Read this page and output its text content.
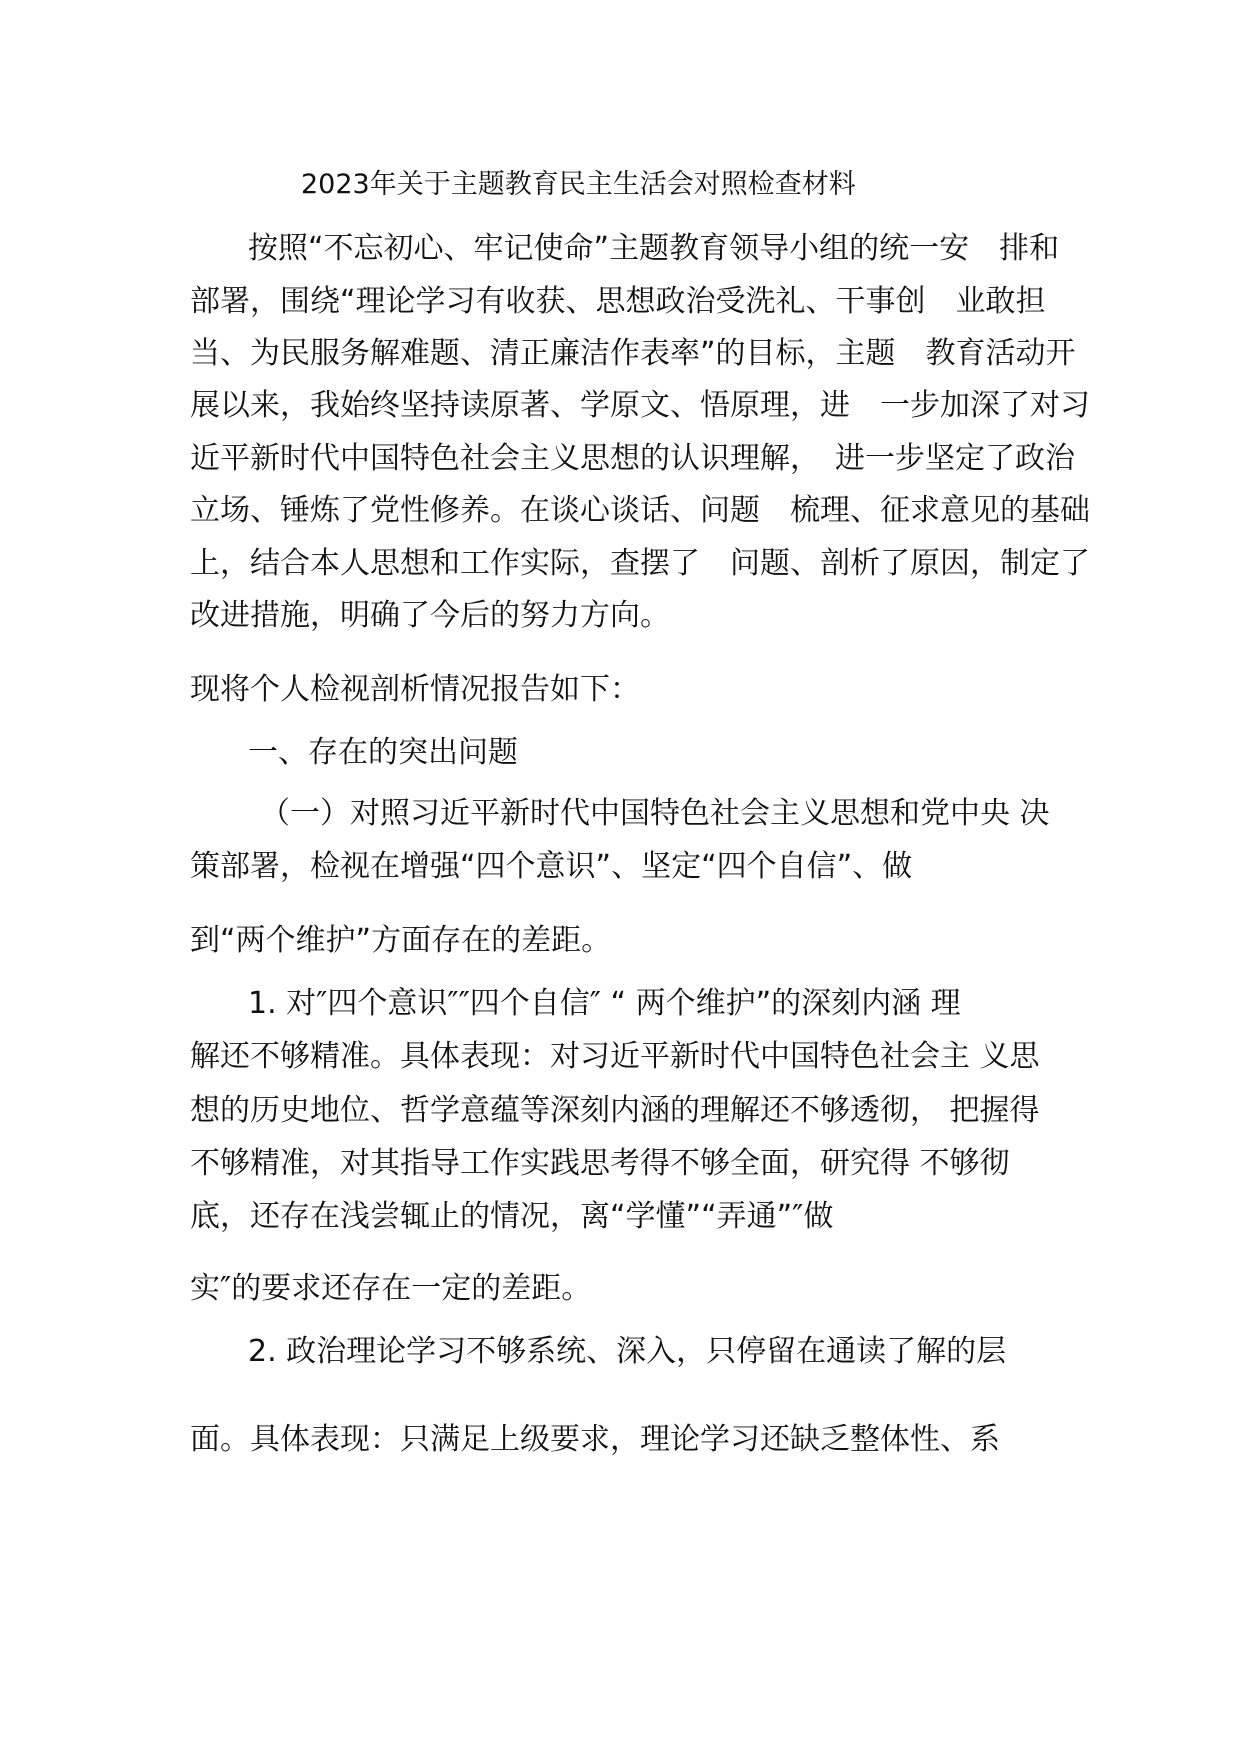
2023年关于主题教育民主生活会对照检查材料
按照“不忘初心、牢记使命”主题教育领导小组的统一安　排和
部署，围绕“理论学习有收获、思想政治受洗礼、干事创　业敢担
当、为民服务解难题、清正廉洁作表率”的目标，主题　教育活动开
展以来，我始终坚持读原著、学原文、悟原理，进　一步加深了对习
近平新时代中国特色社会主义思想的认识理解，　进一步坚定了政治
立场、锤炼了党性修养。在谈心谈话、问题　梳理、征求意见的基础
上，结合本人思想和工作实际，查摆了　问题、剖析了原因，制定了
改进措施，明确了今后的努力方向。
现将个人检视剖析情况报告如下：
一、存在的突出问题
（一）对照习近平新时代中国特色社会主义思想和党中央 决
策部署，检视在增强“四个意识”、坚定“四个自信”、做
到“两个维护”方面存在的差距。
1. 对″四个意识″″四个自信″ “ 两个维护”的深刻内涵 理
解还不够精准。具体表现：对习近平新时代中国特色社会主 义思
想的历史地位、哲学意蕴等深刻内涵的理解还不够透彻， 把握得
不够精准，对其指导工作实践思考得不够全面，研究得 不够彻
底，还存在浅尝辄止的情况，离“学懂”“弄通”″做
实″的要求还存在一定的差距。
2. 政治理论学习不够系统、深入，只停留在通读了解的层
面。具体表现：只满足上级要求，理论学习还缺乏整体性、系
